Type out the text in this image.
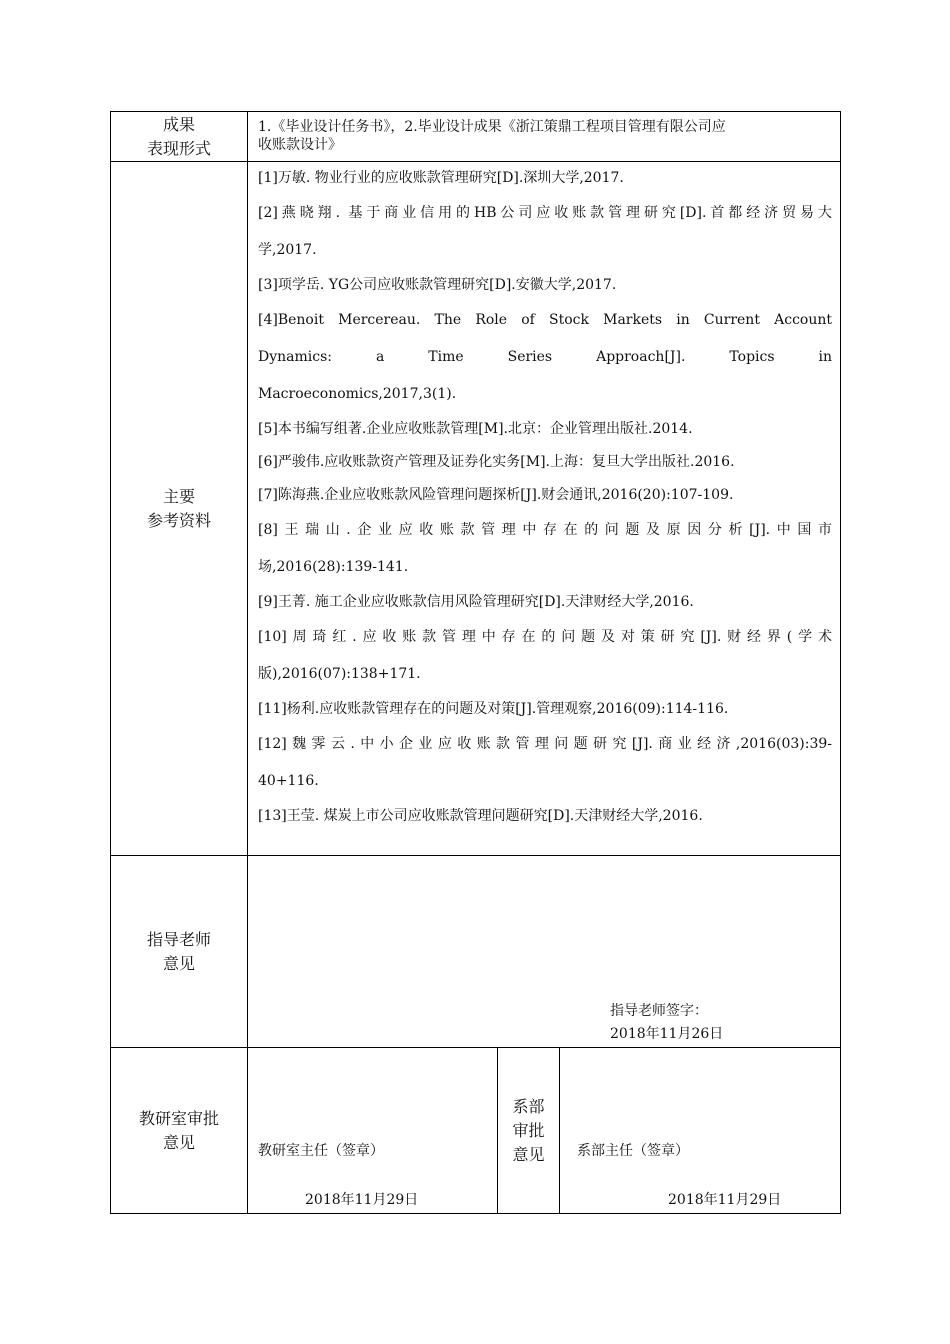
成果
表现形式
1.《毕业设计任务书》，2.毕业设计成果《浙江策鼎工程项目管理有限公司应
收账款设计》
主要
参考资料
[1]万敏. 物业行业的应收账款管理研究[D].深圳大学,2017.
[2]燕晓翔. 基于商业信用的HB公司应收账款管理研究[D].首都经济贸易大
学,2017.
[3]项学岳. YG公司应收账款管理研究[D].安徽大学,2017.
[4]Benoit Mercereau. The Role of Stock Markets in Current Account
Dynamics: a Time Series Approach[J]. Topics in
Macroeconomics,2017,3(1).
[5]本书编写组著.企业应收账款管理[M].北京：企业管理出版社.2014.
[6]严骏伟.应收账款资产管理及证券化实务[M].上海：复旦大学出版社.2016.
[7]陈海燕.企业应收账款风险管理问题探析[J].财会通讯,2016(20):107-109.
[8]王瑞山.企业应收账款管理中存在的问题及原因分析[J].中国市
场,2016(28):139-141.
[9]王菁. 施工企业应收账款信用风险管理研究[D].天津财经大学,2016.
[10]周琦红.应收账款管理中存在的问题及对策研究[J].财经界(学术
版),2016(07):138+171.
[11]杨利.应收账款管理存在的问题及对策[J].管理观察,2016(09):114-116.
[12]魏霁云.中小企业应收账款管理问题研究[J].商业经济,2016(03):39-
40+116.
[13]王莹. 煤炭上市公司应收账款管理问题研究[D].天津财经大学,2016.
指导老师
意见
指导老师签字：
2018年11月26日
教研室审批
意见	教研室主任（签章）
2018年11月29日
系部
审批
意见 系部主任（签章）
2018年11月29日
